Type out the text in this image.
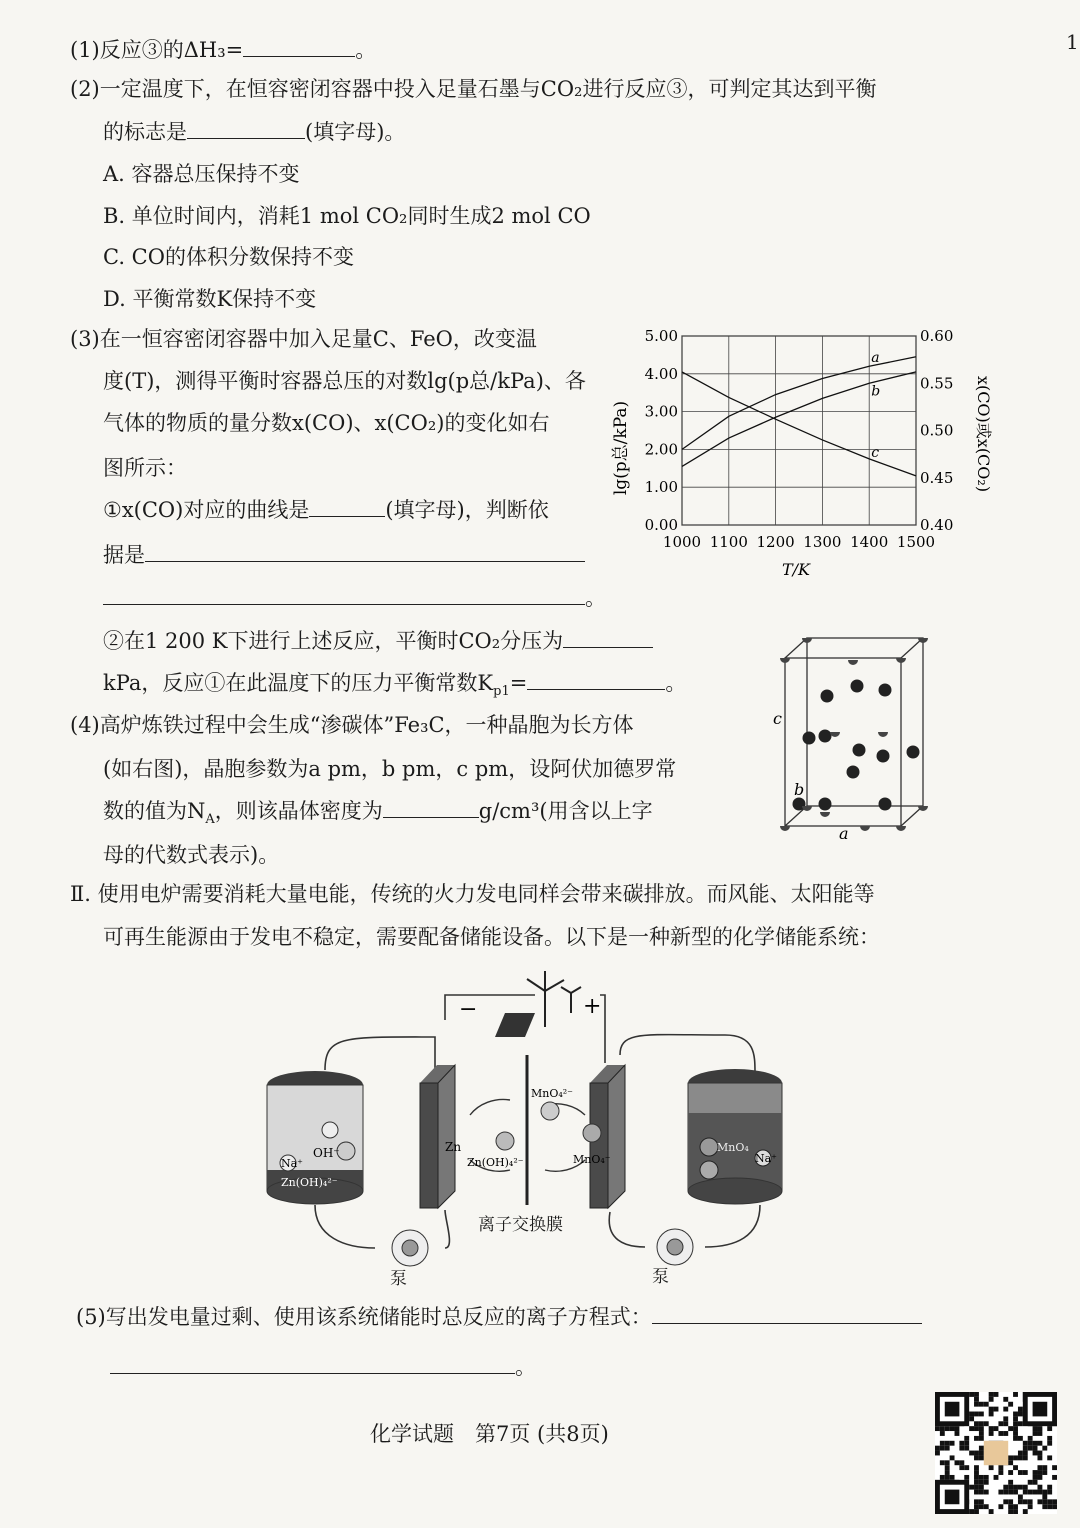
1
(1)反应③的ΔH₃=	。
(2)一定温度下，在恒容密闭容器中投入足量石墨与CO₂进行反应③，可判定其达到平衡
的标志是	(填字母)。
A. 容器总压保持不变
B. 单位时间内，消耗1 mol CO₂同时生成2 mol CO
C. CO的体积分数保持不变
D. 平衡常数K保持不变
(3)在一恒容密闭容器中加入足量C、FeO，改变温
度(T)，测得平衡时容器总压的对数lg(p总/kPa)、各
气体的物质的量分数x(CO)、x(CO₂)的变化如右
图所示：
①x(CO)对应的曲线是	(填字母)，判断依
据是
。
②在1 200 K下进行上述反应，平衡时CO₂分压为
kPa，反应①在此温度下的压力平衡常数$K_{p1}=$	。
a
b
c
1000 1100 1200 1300 1400 1500
0.00
1.00
2.00
3.00
4.00
5.00
0.40
0.45
0.50
0.55
0.60
lg(p总/kPa)	x(CO)或x(CO₂)
T/K
(4)高炉炼铁过程中会生成“渗碳体”Fe₃C，一种晶胞为长方体
(如右图)，晶胞参数为a pm，b pm，c pm，设阿伏加德罗常
数的值为$N_A$，则该晶体密度为	g/cm³(用含以上字
母的代数式表示)。
c
b
a
Ⅱ. 使用电炉需要消耗大量电能，传统的火力发电同样会带来碳排放。而风能、太阳能等
可再生能源由于发电不稳定，需要配备储能设备。以下是一种新型的化学储能系统：
OH⁻
Na⁺
Zn(OH)₄²⁻
Zn
Zn(OH)₄²⁻
MnO₄²⁻
MnO₄⁻
−	+
MnO₄
Na⁺
离子交换膜
泵	泵
(5)写出发电量过剩、使用该系统储能时总反应的离子方程式：
。
化学试题　第7页 (共8页)
